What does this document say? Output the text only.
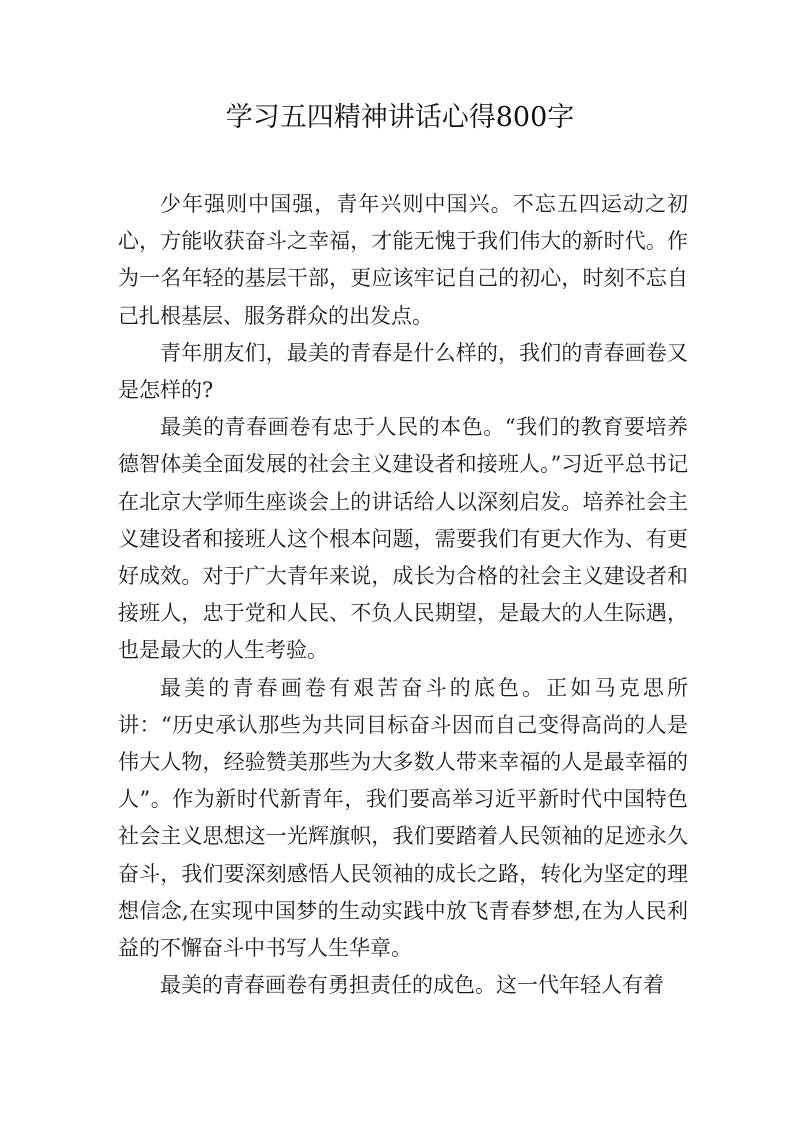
学习五四精神讲话心得800字

少年强则中国强，青年兴则中国兴。不忘五四运动之初心，方能收获奋斗之幸福，才能无愧于我们伟大的新时代。作为一名年轻的基层干部，更应该牢记自己的初心，时刻不忘自己扎根基层、服务群众的出发点。

青年朋友们，最美的青春是什么样的，我们的青春画卷又是怎样的?

最美的青春画卷有忠于人民的本色。“我们的教育要培养德智体美全面发展的社会主义建设者和接班人。”习近平总书记在北京大学师生座谈会上的讲话给人以深刻启发。培养社会主义建设者和接班人这个根本问题，需要我们有更大作为、有更好成效。对于广大青年来说，成长为合格的社会主义建设者和接班人，忠于党和人民、不负人民期望，是最大的人生际遇，也是最大的人生考验。

最美的青春画卷有艰苦奋斗的底色。正如马克思所讲：“历史承认那些为共同目标奋斗因而自己变得高尚的人是伟大人物，经验赞美那些为大多数人带来幸福的人是最幸福的人”。作为新时代新青年，我们要高举习近平新时代中国特色社会主义思想这一光辉旗帜，我们要踏着人民领袖的足迹永久奋斗，我们要深刻感悟人民领袖的成长之路，转化为坚定的理想信念,在实现中国梦的生动实践中放飞青春梦想,在为人民利益的不懈奋斗中书写人生华章。

最美的青春画卷有勇担责任的成色。这一代年轻人有着
